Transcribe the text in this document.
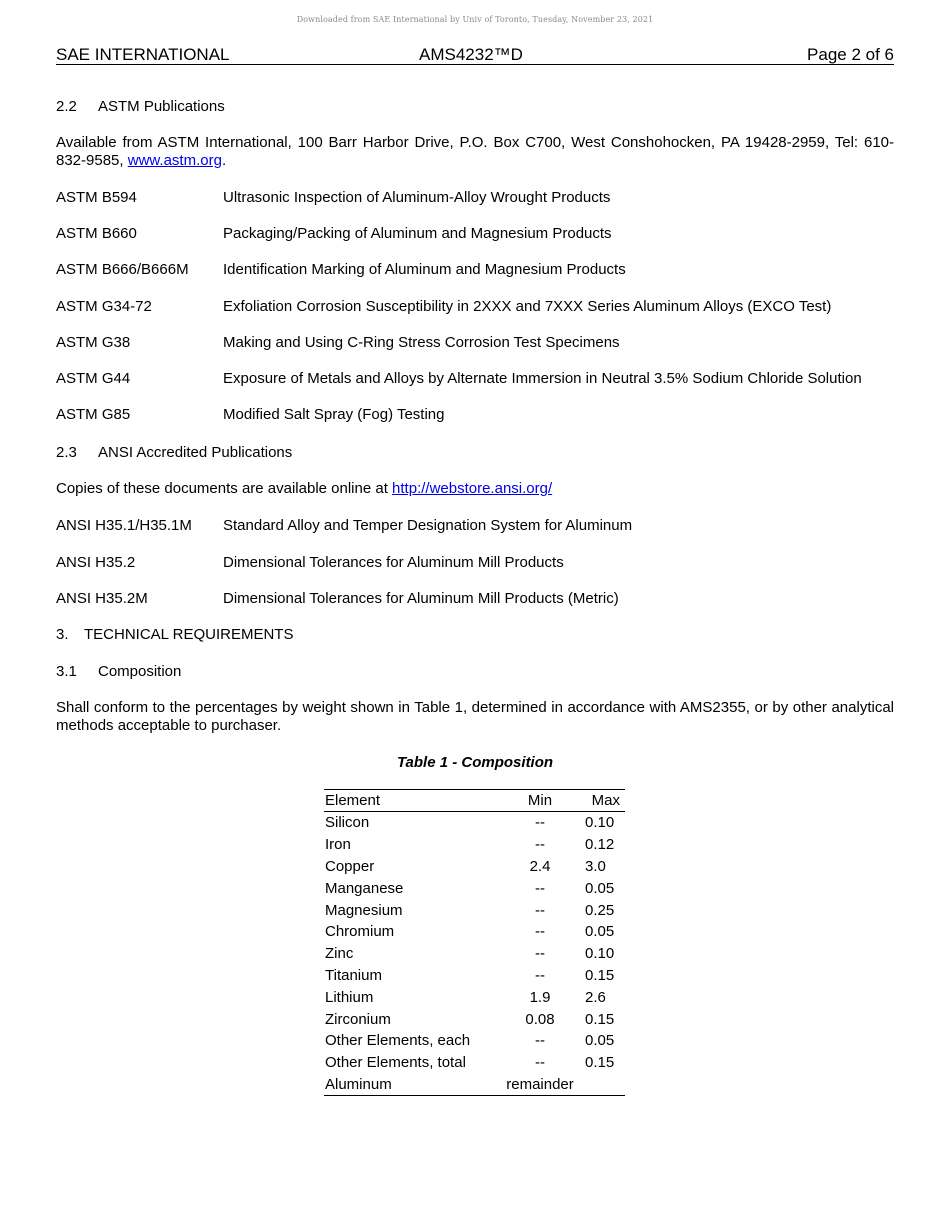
Downloaded from SAE International by Univ of Toronto, Tuesday, November 23, 2021
SAE INTERNATIONAL	AMS4232™D	Page 2 of 6
2.2 ASTM Publications
Available from ASTM International, 100 Barr Harbor Drive, P.O. Box C700, West Conshohocken, PA 19428-2959, Tel: 610-832-9585, www.astm.org.
ASTM B594	Ultrasonic Inspection of Aluminum-Alloy Wrought Products
ASTM B660	Packaging/Packing of Aluminum and Magnesium Products
ASTM B666/B666M Identification Marking of Aluminum and Magnesium Products
ASTM G34-72	Exfoliation Corrosion Susceptibility in 2XXX and 7XXX Series Aluminum Alloys (EXCO Test)
ASTM G38	Making and Using C-Ring Stress Corrosion Test Specimens
ASTM G44	Exposure of Metals and Alloys by Alternate Immersion in Neutral 3.5% Sodium Chloride Solution
ASTM G85	Modified Salt Spray (Fog) Testing
2.3 ANSI Accredited Publications
Copies of these documents are available online at http://webstore.ansi.org/
ANSI H35.1/H35.1M Standard Alloy and Temper Designation System for Aluminum
ANSI H35.2	Dimensional Tolerances for Aluminum Mill Products
ANSI H35.2M	Dimensional Tolerances for Aluminum Mill Products (Metric)
3. TECHNICAL REQUIREMENTS
3.1 Composition
Shall conform to the percentages by weight shown in Table 1, determined in accordance with AMS2355, or by other analytical methods acceptable to purchaser.
Table 1 - Composition
Element	Min	Max
Silicon	--	0.10
Iron	--	0.12
Copper	2.4	3.0
Manganese	--	0.05
Magnesium	--	0.25
Chromium	--	0.05
Zinc	--	0.10
Titanium	--	0.15
Lithium	1.9	2.6
Zirconium	0.08	0.15
Other Elements, each	--	0.05
Other Elements, total	--	0.15
Aluminum	remainder	
